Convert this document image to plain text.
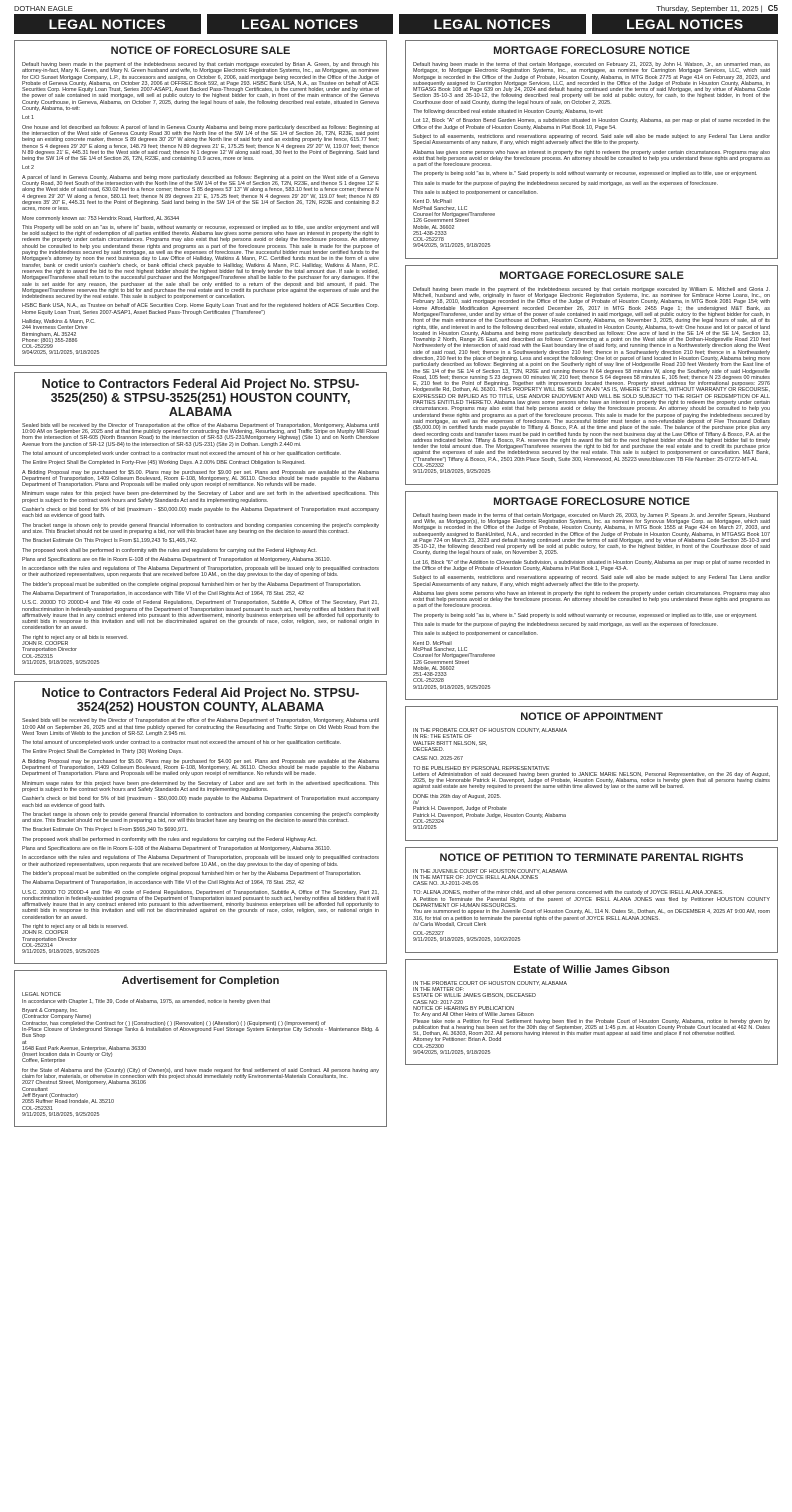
DOTHAN EAGLE	Thursday, September 11, 2025 | C5
LEGAL NOTICES	LEGAL NOTICES	LEGAL NOTICES	LEGAL NOTICES
NOTICE OF FORECLOSURE SALE

Default having been made in the payment of the indebtedness secured by that certain mortgage executed by Brian A. Green, by and through his attorney-in-fact, Mary N. Green, and Mary N. Green husband and wife, to Mortgage Electronic Registration Systems, Inc., as Mortgagee, as nominee for C/O Sunset Mortgage Company, L.P., its successors and assigns, on October 6, 2006, said mortgage being recorded in the Office of the Judge of Probate of Geneva County, Alabama, on October 23, 2006 at OFFREC Book 592, at Page 293. HSBC Bank USA, N.A., as Trustee on behalf of ACE Securities Corp. Home Equity Loan Trust, Series 2007-ASAP1, Asset Backed Pass-Through Certificates, is the current holder, under and by virtue of the power of sale contained in said mortgage, will sell at public outcry to the highest bidder for cash, in front of the main entrance of the Geneva County Courthouse, in Geneva, Alabama, on October 7, 2025, during the legal hours of sale, the following described real estate, situated in Geneva County, Alabama, to-wit:

Lot 1

One house and lot described as follows: A parcel of land in Geneva County Alabama and being more particularly described as follows: Beginning at the intersection of the West side of Geneva County Road 30 with the North line of the SW 1/4 of the SE 1/4 of Section 26, T2N, R23E, said point being an existing concrete marker, thence S 89 degrees 30' 20" W along the North line of said forty and an existing property line fence, 615.77 feet; thence S 4 degrees 29' 20" E along a fence, 148.79 feet; thence N 89 degrees 21' E, 175.25 feet; thence N 4 degrees 29' 20" W, 119.07 feet; thence N 89 degrees 21' E, 445.31 feet to the West side of said road; thence N 1 degree 12' W along said road, 30 feet to the Point of Beginning. Said land being the SW 1/4 of the SE 1/4 of Section 26, T2N, R23E, and containing 0.9 acres, more or less.

Lot 2

A parcel of land in Geneva County, Alabama and being more particularly described as follows: Beginning at a point on the West side of a Geneva County Road, 30 feet South of the intersection with the North line of the SW 1/4 of the SE 1/4 of Section 26, T2N, R23E, and thence S 1 degree 12' E along the West side of said road, 630.02 feet to a fence corner; thence S 85 degrees 53' 13" W along a fence, 583.10 feet to a fence corner; thence N 4 degrees 29' 20" W along a fence, 580.11 feet; thence N 89 degrees 21' E, 175.25 feet; thence N 4 degrees 29' 20" W, 119.07 feet; thence N 89 degrees 35' 20" E, 445.31 feet to the Point of Beginning. Said land being in the SW 1/4 of the SE 1/4 of Section 26, T2N, R23E and containing 8.2 acres, more or less.

More commonly known as: 753 Hendrix Road, Hartford, AL 36344

This Property will be sold on an "as is, where is" basis, without warranty or recourse, expressed or implied as to title, use and/or enjoyment and will be sold subject to the right of redemption of all parties entitled thereto. Alabama law gives some persons who have an interest in property the right to redeem the property under certain circumstances. Programs may also exist that help persons avoid or delay the foreclosure process. An attorney should be consulted to help you understand these rights and programs as a part of the foreclosure process. This sale is made for the purpose of paying the indebtedness secured by said mortgage, as well as the expenses of foreclosure. The successful bidder must tender certified funds to the Mortgagee's attorney by noon the next business day to Law Office of Halliday, Watkins & Mann, P.C. Certified funds must be in the form of a wire transfer, bank or credit union's cashier's check, or bank official check payable to Halliday, Watkins & Mann, P.C. Halliday, Watkins & Mann, P.C. reserves the right to award the bid to the next highest bidder should the highest bidder fail to timely tender the total amount due. If sale is voided, Mortgagee/Transferee shall return to the successful purchaser and the Mortgagee/Transferee shall be liable to the purchaser for any damages. If the sale is set aside for any reason, the purchaser at the sale shall be only entitled to a return of the deposit and bid amount, if paid. The Mortgagee/Transferee reserves the right to bid for and purchase the real estate and to credit its purchase price against the expenses of sale and the indebtedness secured by the real estate. This sale is subject to postponement or cancellation.

HSBC Bank USA, N.A., as Trustee on behalf of ACE Securities Corp. Home Equity Loan Trust and for the registered holders of ACE Securities Corp. Home Equity Loan Trust, Series 2007-ASAP1, Asset Backed Pass-Through Certificates ("Transferee")

Halliday, Watkins & Mann, P.C.
244 Inverness Center Drive
Birmingham, AL 35242
Phone: (801) 355-2886
COL-252299
9/04/2025, 9/11/2025, 9/18/2025

Notice to Contractors Federal Aid Project No. STPSU-3525(250) & STPSU-3525(251) HOUSTON COUNTY, ALABAMA

Sealed bids will be received by the Director of Transportation at the office of the Alabama Department of Transportation, Montgomery, Alabama until 10:00 AM on September 26, 2025 and at that time publicly opened for constructing the Widening, Resurfacing, and Traffic Stripe on Murphy Mill Road from the intersection of SR-605 (North Brannon Road) to the intersection of SR-53 (US-231/Montgomery Highway) (Site 1) and on North Cherokee Avenue from the junction of SR-12 (US-84) to the intersection of SR-53 (US-231) (Site 2) in Dothan. Length 2.440 mi.

The total amount of uncompleted work under contract to a contractor must not exceed the amount of his or her qualification certificate.

The Entire Project Shall Be Completed In Forty-Five (45) Working Days. A 2.00% DBE Contract Obligation Is Required.

A Bidding Proposal may be purchased for $5.00. Plans may be purchased for $9.00 per set. Plans and Proposals are available at the Alabama Department of Transportation, 1409 Coliseum Boulevard, Room E-108, Montgomery, AL 36110. Checks should be made payable to the Alabama Department of Transportation. Plans and Proposals will be mailed only upon receipt of remittance. No refunds will be made.

Minimum wage rates for this project have been pre-determined by the Secretary of Labor and are set forth in the advertised specifications. This project is subject to the contract work hours and Safety Standards Act and its implementing regulations.

Cashier's check or bid bond for 5% of bid (maximum - $50,000.00) made payable to the Alabama Department of Transportation must accompany each bid as evidence of good faith.

The bracket range is shown only to provide general financial information to contractors and bonding companies concerning the project's complexity and size. This Bracket should not be used in preparing a bid, nor will this bracket have any bearing on the decision to award this contract.

The Bracket Estimate On This Project Is From $1,199,243 To $1,465,742.

The proposed work shall be performed in conformity with the rules and regulations for carrying out the Federal Highway Act.

Plans and Specifications are on file in Room E-108 of the Alabama Department of Transportation at Montgomery, Alabama 36110.

In accordance with the rules and regulations of The Alabama Department of Transportation, proposals will be issued only to prequalified contractors or their authorized representatives, upon requests that are received before 10 AM., on the day previous to the day of opening of bids.

The bidder's proposal must be submitted on the complete original proposal furnished him or her by the Alabama Department of Transportation.

The Alabama Department of Transportation, in accordance with Title VI of the Civil Rights Act of 1964, 78 Stat. 252, 42

U.S.C. 2000D TO 2000D-4 and Title 49 code of Federal Regulations, Department of Transportation, Subtitle A, Office of The Secretary, Part 21, nondiscrimination in federally-assisted programs of the Department of Transportation issued pursuant to such act, hereby notifies all bidders that it will affirmatively insure that in any contract entered into pursuant to this advertisement, minority business enterprises will be afforded full opportunity to submit bids in response to this invitation and will not be discriminated against on the grounds of race, color, religion, sex, or national origin in consideration for an award.

The right to reject any or all bids is reserved.
JOHN R. COOPER
Transportation Director
COL-252315
9/11/2025, 9/18/2025, 9/25/2025

Notice to Contractors Federal Aid Project No. STPSU-3524(252) HOUSTON COUNTY, ALABAMA

Sealed bids will be received by the Director of Transportation at the office of the Alabama Department of Transportation, Montgomery, Alabama until 10:00 AM on September 26, 2025 and at that time publicly opened for constructing the Resurfacing and Traffic Stripe on Old Webb Road from the West Town Limits of Webb to the junction of SR-52. Length 2.945 mi.

The total amount of uncompleted work under contract to a contractor must not exceed the amount of his or her qualification certificate.

The Entire Project Shall Be Completed In Thirty (30) Working Days.

A Bidding Proposal may be purchased for $5.00. Plans may be purchased for $4.00 per set. Plans and Proposals are available at the Alabama Department of Transportation, 1409 Coliseum Boulevard, Room E-108, Montgomery, AL 36110. Checks should be made payable to the Alabama Department of Transportation. Plans and Proposals will be mailed only upon receipt of remittance. No refunds will be made.

Minimum wage rates for this project have been pre-determined by the Secretary of Labor and are set forth in the advertised specifications. This project is subject to the contract work hours and Safety Standards Act and its implementing regulations.

Cashier's check or bid bond for 5% of bid (maximum - $50,000.00) made payable to the Alabama Department of Transportation must accompany each bid as evidence of good faith.

The bracket range is shown only to provide general financial information to contractors and bonding companies concerning the project's complexity and size. This Bracket should not be used in preparing a bid, nor will this bracket have any bearing on the decision to award this contract.

The Bracket Estimate On This Project Is From $565,340 To $690,971.

The proposed work shall be performed in conformity with the rules and regulations for carrying out the Federal Highway Act.

Plans and Specifications are on file in Room E-108 of the Alabama Department of Transportation at Montgomery, Alabama 36110.

In accordance with the rules and regulations of The Alabama Department of Transportation, proposals will be issued only to prequalified contractors or their authorized representatives, upon requests that are received before 10 AM., on the day previous to the day of opening of bids.

The bidder's proposal must be submitted on the complete original proposal furnished him or her by the Alabama Department of Transportation.

The Alabama Department of Transportation, in accordance with Title VI of the Civil Rights Act of 1964, 78 Stat. 252, 42

U.S.C. 2000D TO 2000D-4 and Title 49 code of Federal Regulations, Department of Transportation, Subtitle A, Office of The Secretary, Part 21, nondiscrimination in federally-assisted programs of the Department of Transportation issued pursuant to such act, hereby notifies all bidders that it will affirmatively insure that in any contract entered into pursuant to this advertisement, minority business enterprises will be afforded full opportunity to submit bids in response to this invitation and will not be discriminated against on the grounds of race, color, religion, sex, or national origin in consideration for an award.

The right to reject any or all bids is reserved.
JOHN R. COOPER
Transportation Director
COL-252314
9/11/2025, 9/18/2025, 9/25/2025

Advertisement for Completion

LEGAL NOTICE
In accordance with Chapter 1, Title 39, Code of Alabama, 1975, as amended, notice is hereby given that

Bryant & Company, Inc.
(Contractor Company Name)
Contractor, has completed the Contract for ( ) (Construction) ( ) (Renovation) ( ) (Alteration) ( ) (Equipment) ( ) (Improvement) of
In-Place Closure of Underground Storage Tanks & Installation of Aboveground Fuel Storage System Enterprise City Schools - Maintenance Bldg. & Bus Shop
at
1648 East Park Avenue, Enterprise, Alabama 36330
(Insert location data in County or City)
Coffee, Enterprise

for the State of Alabama and the (County) (City) of Owner(s), and have made request for final settlement of said Contract. All persons having any claim for labor, materials, or otherwise in connection with this project should immediately notify Environmental-Materials Consultants, Inc.
2027 Chestnut Street, Montgomery, Alabama 36106
Consultant
Jeff Bryant (Contractor)
2055 Ruffner Road Irondale, AL 35210
COL-252331
9/11/2025, 9/18/2025, 9/25/2025

MORTGAGE FORECLOSURE NOTICE

Default having been made in the terms of that certain Mortgage, executed on February 21, 2023, by John H. Watson, Jr., an unmarried man, as Mortgagor, to Mortgage Electronic Registration Systems, Inc., as mortgagee, as nominee for Carrington Mortgage Services, LLC, which said Mortgage is recorded in the Office of the Judge of Probate, Houston County, Alabama, in MTG Book 2775 at Page 414 on February 28, 2023, and subsequently assigned to Carrington Mortgage Services, LLC, and recorded in the Office of the Judge of Probate in Houston County, Alabama, in MTGASG Book 108 at Page 639 on July 24, 2024 and default having continued under the terms of said Mortgage, and by virtue of Alabama Code Section 35-10-3 and 35-10-12, the following described real property will be sold at public outcry, for cash, to the highest bidder, in front of the Courthouse door of said County, during the legal hours of sale, on October 2, 2025.

The following described real estate situated in Houston County, Alabama, to-wit:

Lot 12, Block "A" of Braxton Bend Garden Homes, a subdivision situated in Houston County, Alabama, as per map or plat of same recorded in the Office of the Judge of Probate of Houston County, Alabama in Plat Book 10, Page 54.

Subject to all easements, restrictions and reservations appearing of record. Said sale will also be made subject to any Federal Tax Liens and/or Special Assessments of any nature, if any, which might adversely affect the title to the property.

Alabama law gives some persons who have an interest in property the right to redeem the property under certain circumstances. Programs may also exist that help persons avoid or delay the foreclosure process. An attorney should be consulted to help you understand these rights and programs as a part of the foreclosure process.

The property is being sold "as is, where is." Said property is sold without warranty or recourse, expressed or implied as to title, use or enjoyment.

This sale is made for the purpose of paying the indebtedness secured by said mortgage, as well as the expenses of foreclosure.

This sale is subject to postponement or cancellation.

Kent D. McPhail
McPhail Sanchez, LLC
Counsel for Mortgagee/Transferee
126 Government Street
Mobile, AL 36602
251-438-2333
COL-252278
9/04/2025, 9/11/2025, 9/18/2025

MORTGAGE FORECLOSURE SALE

Default having been made in the payment of the indebtedness secured by that certain mortgage executed by William E. Mitchell and Gloria J. Mitchell, husband and wife, originally in favor of Mortgage Electronic Registration Systems, Inc. as nominee for Embrace Home Loans, Inc., on February 18, 2010, said mortgage recorded in the Office of the Judge of Probate of Houston County, Alabama, in MTG Book 2081 Page 154; with Home Affordable Modification Agreement recorded December 26, 2017 in MTG Book 2455 Page 1; the undersigned M&T Bank, as Mortgagee/Transferee, under and by virtue of the power of sale contained in said mortgage, will sell at public outcry to the highest bidder for cash, in front of the main entrance of the Courthouse at Dothan, Houston County, Alabama, on November 3, 2025, during the legal hours of sale, all of its rights, title, and interest in and to the following described real estate, situated in Houston County, Alabama, to-wit: One house and lot or parcel of land located in Houston County, Alabama and being more particularly described as follows: One acre of land in the SE 1/4 of the SE 1/4, Section 13, Township 2 North, Range 26 East, and described as follows: Commencing at a point on the West side of the Dothan-Hodgesville Road 210 feet Northwesterly of the intersection of said road with the East boundary line of said forty, and running thence in a Northwesterly direction along the West side of said road, 210 feet; thence in a Southwesterly direction 210 feet; thence in a Southeasterly direction 210 feet; thence in a Northeasterly direction, 210 feet to the place of beginning. Less and except the following: One lot or parcel of land located in Houston County, Alabama being more particularly described as follows: Beginning at a point on the Southerly right of way line of Hodgesville Road 210 feet Westerly from the East line of the SE 1/4 of the SE 1/4 of Section 13, T2N, R26E and running thence N 64 degrees 58 minutes W, along the Southerly side of said Hodgesville Road, 105 feet; thence running S 23 degrees 00 minutes W, 210 feet; thence S 64 degrees 58 minutes E, 105 feet; thence N 23 degrees 00 minutes E, 210 feet to the Point of Beginning. Together with improvements located thereon. Property street address for informational purposes: 2976 Hodgesville Rd, Dothan, AL 36301. THIS PROPERTY WILL BE SOLD ON AN "AS IS, WHERE IS" BASIS, WITHOUT WARRANTY OR RECOURSE, EXPRESSED OR IMPLIED AS TO TITLE, USE AND/OR ENJOYMENT AND WILL BE SOLD SUBJECT TO THE RIGHT OF REDEMPTION OF ALL PARTIES ENTITLED THERETO. Alabama law gives some persons who have an interest in property the right to redeem the property under certain circumstances. Programs may also exist that help persons avoid or delay the foreclosure process. An attorney should be consulted to help you understand these rights and programs as a part of the foreclosure process. This sale is made for the purpose of paying the indebtedness secured by said mortgage, as well as the expenses of foreclosure. The successful bidder must tender a non-refundable deposit of Five Thousand Dollars ($5,000.00) in certified funds made payable to Tiffany & Bosco, P.A. at the time and place of the sale. The balance of the purchase price plus any deed recording costs and transfer taxes must be paid in certified funds by noon the next business day at the Law Office of Tiffany & Bosco, P.A. at the address indicated below. Tiffany & Bosco, P.A. reserves the right to award the bid to the next highest bidder should the highest bidder fail to timely tender the total amount due. The Mortgagee/Transferee reserves the right to bid for and purchase the real estate and to credit its purchase price against the expenses of sale and the indebtedness secured by the real estate. This sale is subject to postponement or cancellation. M&T Bank, ("Transferee") Tiffany & Bosco, P.A., 2501 20th Place South, Suite 300, Homewood, AL 35223 www.tblaw.com TB File Number: 25-07272-MT-AL
COL-252332
9/11/2025, 9/18/2025, 9/25/2025

MORTGAGE FORECLOSURE NOTICE

Default having been made in the terms of that certain Mortgage, executed on March 26, 2003, by James P. Spears Jr. and Jennifer Spears, Husband and Wife, as Mortgagor(s), to Mortgage Electronic Registration Systems, Inc. as nominee for Synovus Mortgage Corp. as Mortgagee, which said Mortgage is recorded in the Office of the Judge of Probate, Houston County, Alabama, in MTG Book 1555 at Page 424 on March 27, 2003, and subsequently assigned to BankUnited, N.A., and recorded in the Office of the Judge of Probate in Houston County, Alabama, in MTGASG Book 107 at Page 724 on March 23, 2023 and default having continued under the terms of said Mortgage, and by virtue of Alabama Code Section 35-10-3 and 35-10-12, the following described real property will be sold at public outcry, for cash, to the highest bidder, in front of the Courthouse door of said County, during the legal hours of sale, on November 3, 2025.

Lot 16, Block "6" of the Addition to Cloverdale Subdivision, a subdivision situated in Houston County, Alabama as per map or plat of same recorded in the Office of the Judge of Probate of Houston County, Alabama in Plat Book 1, Page 43-A.

Subject to all easements, restrictions and reservations appearing of record. Said sale will also be made subject to any Federal Tax Liens and/or Special Assessments of any nature, if any, which might adversely affect the title to the property.

Alabama law gives some persons who have an interest in property the right to redeem the property under certain circumstances. Programs may also exist that help persons avoid or delay the foreclosure process. An attorney should be consulted to help you understand these rights and programs as a part of the foreclosure process.

The property is being sold "as is, where is." Said property is sold without warranty or recourse, expressed or implied as to title, use or enjoyment.

This sale is made for the purpose of paying the indebtedness secured by said mortgage, as well as the expenses of foreclosure.

This sale is subject to postponement or cancellation.

Kent D. McPhail
McPhail Sanchez, LLC
Counsel for Mortgagee/Transferee
126 Government Street
Mobile, AL 36602
251-438-2333
COL-252328
9/11/2025, 9/18/2025, 9/25/2025

NOTICE OF APPOINTMENT

IN THE PROBATE COURT OF HOUSTON COUNTY, ALABAMA
IN RE: THE ESTATE OF
WALTER BRITT NELSON, SR,
DECEASED.

CASE NO. 2025-267

TO BE PUBLISHED BY PERSONAL REPRESENTATIVE
Letters of Administration of said deceased having been granted to JANICE MARIE NELSON, Personal Representative, on the 26 day of August, 2025, by the Honorable Patrick H. Davenport, Judge of Probate, Houston County, Alabama, notice is hereby given that all persons having claims against said estate are hereby required to present the same within time allowed by law or the same will be barred.

DONE this 26th day of August, 2025.
/s/
Patrick H. Davenport, Judge of Probate
Patrick H. Davenport, Probate Judge, Houston County, Alabama
COL-252324
9/11/2025

NOTICE OF PETITION TO TERMINATE PARENTAL RIGHTS

IN THE JUVENILE COURT OF HOUSTON COUNTY, ALABAMA
IN THE MATTER OF: JOYCE IRELL ALANA JONES
CASE NO. JU-2011-245.05

TO: ALENA JONES, mother of the minor child, and all other persons concerned with the custody of JOYCE IRELL ALANA JONES.
A Petition to Terminate the Parental Rights of the parent of JOYCE IRELL ALANA JONES was filed by Petitioner HOUSTON COUNTY DEPARTMENT OF HUMAN RESOURCES.
You are summoned to appear in the Juvenile Court of Houston County, AL, 114 N. Oates St., Dothan, AL, on DECEMBER 4, 2025 AT 9:00 AM, room 316, for trial on a petition to terminate the parental rights of the parent of JOYCE IRELL ALANA JONES.
/s/ Carla Woodall, Circuit Clerk

COL-252327
9/11/2025, 9/18/2025, 9/25/2025, 10/02/2025

Estate of Willie James Gibson

IN THE PROBATE COURT OF HOUSTON COUNTY, ALABAMA
IN THE MATTER OF:
ESTATE OF WILLIE JAMES GIBSON, DECEASED
CASE NO: 2017-220
NOTICE OF HEARING BY PUBLICATION
To: Any and All Other Heirs of Willie James Gibson
Please take note a Petition for Final Settlement having been filed in the Probate Court of Houston County, Alabama, notice is hereby given by publication that a hearing has been set for the 30th day of September, 2025 at 1:45 p.m. at Houston County Probate Court located at 462 N. Oates St., Dothan, AL 36303, Room 202. All persons having interest in this matter must appear at said time and place if not otherwise notified.
Attorney for Petitioner: Brian A. Dodd
COL-252300
9/04/2025, 9/11/2025, 9/18/2025
